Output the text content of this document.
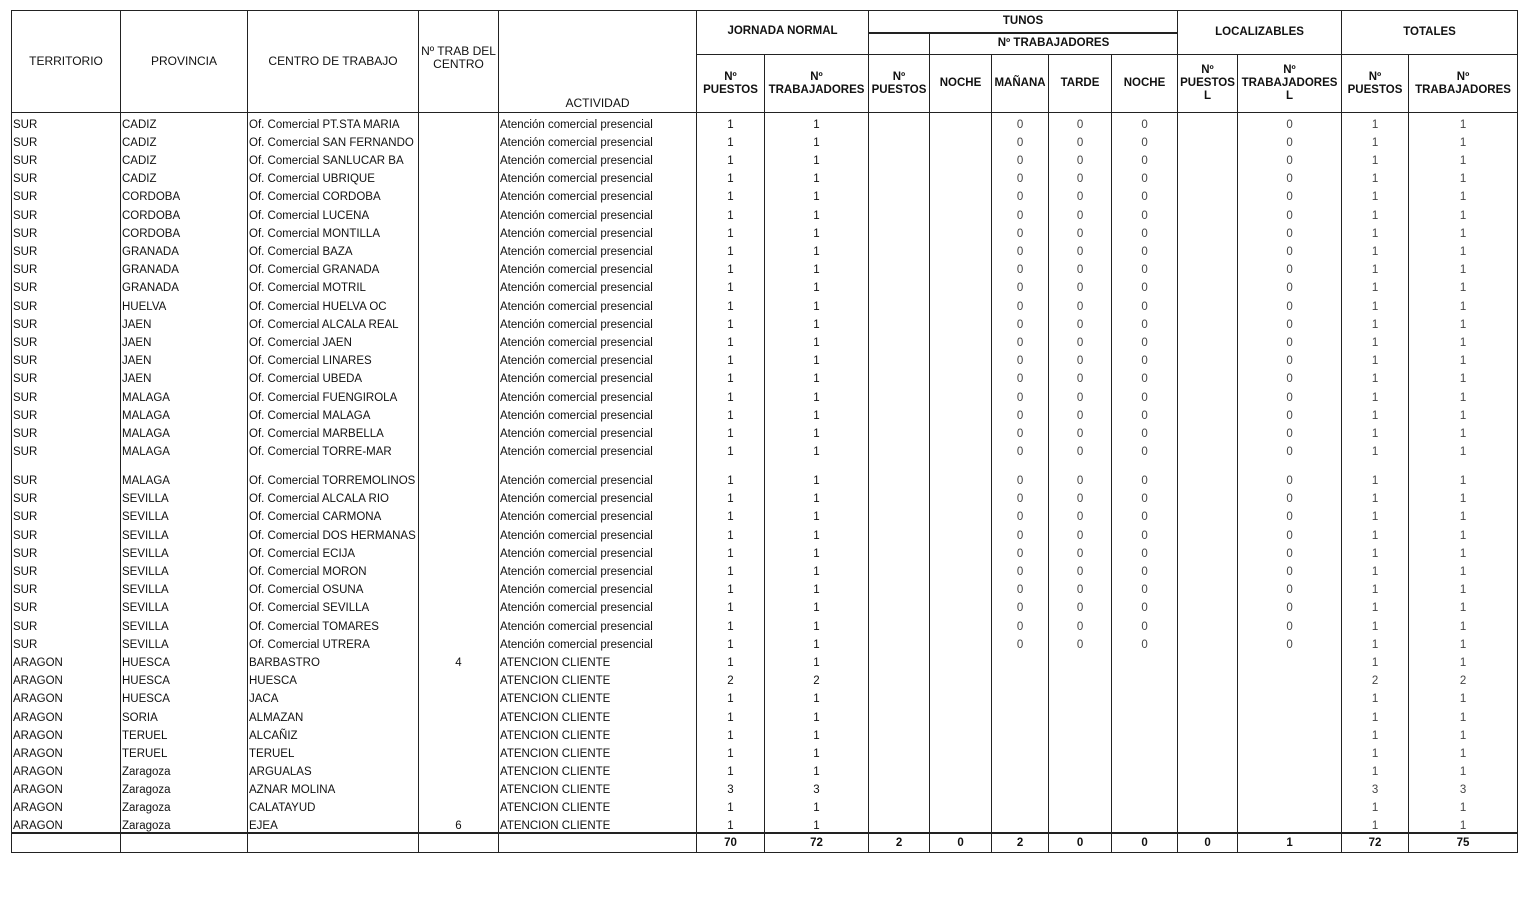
TERRITORIO	PROVINCIA	CENTRO DE TRABAJO	Nº TRAB DEL CENTRO	ACTIVIDAD	JORNADA NORMAL		TUNOS					LOCALIZABLES		TOTALES	
								Nº TRABAJADORES							
					Nº PUESTOS	Nº TRABAJADORES	Nº PUESTOS	NOCHE	MAÑANA	TARDE	NOCHE	Nº PUESTOS L	Nº TRABAJADORES L	Nº PUESTOS	Nº TRABAJADORES
SUR	CADIZ	Of. Comercial PT.STA MARIA		Atención comercial presencial	1	1			0	0	0		0	1	1
SUR	CADIZ	Of. Comercial SAN FERNANDO		Atención comercial presencial	1	1			0	0	0		0	1	1
SUR	CADIZ	Of. Comercial SANLUCAR BA		Atención comercial presencial	1	1			0	0	0		0	1	1
SUR	CADIZ	Of. Comercial UBRIQUE		Atención comercial presencial	1	1			0	0	0		0	1	1
SUR	CORDOBA	Of. Comercial CORDOBA		Atención comercial presencial	1	1			0	0	0		0	1	1
SUR	CORDOBA	Of. Comercial LUCENA		Atención comercial presencial	1	1			0	0	0		0	1	1
SUR	CORDOBA	Of. Comercial MONTILLA		Atención comercial presencial	1	1			0	0	0		0	1	1
SUR	GRANADA	Of. Comercial BAZA		Atención comercial presencial	1	1			0	0	0		0	1	1
SUR	GRANADA	Of. Comercial GRANADA		Atención comercial presencial	1	1			0	0	0		0	1	1
SUR	GRANADA	Of. Comercial MOTRIL		Atención comercial presencial	1	1			0	0	0		0	1	1
SUR	HUELVA	Of. Comercial HUELVA OC		Atención comercial presencial	1	1			0	0	0		0	1	1
SUR	JAEN	Of. Comercial ALCALA REAL		Atención comercial presencial	1	1			0	0	0		0	1	1
SUR	JAEN	Of. Comercial JAEN		Atención comercial presencial	1	1			0	0	0		0	1	1
SUR	JAEN	Of. Comercial LINARES		Atención comercial presencial	1	1			0	0	0		0	1	1
SUR	JAEN	Of. Comercial UBEDA		Atención comercial presencial	1	1			0	0	0		0	1	1
SUR	MALAGA	Of. Comercial FUENGIROLA		Atención comercial presencial	1	1			0	0	0		0	1	1
SUR	MALAGA	Of. Comercial MALAGA		Atención comercial presencial	1	1			0	0	0		0	1	1
SUR	MALAGA	Of. Comercial MARBELLA		Atención comercial presencial	1	1			0	0	0		0	1	1
SUR	MALAGA	Of. Comercial TORRE-MAR		Atención comercial presencial	1	1			0	0	0		0	1	1
SUR	MALAGA	Of. Comercial TORREMOLINOS		Atención comercial presencial	1	1			0	0	0		0	1	1
SUR	SEVILLA	Of. Comercial ALCALA RIO		Atención comercial presencial	1	1			0	0	0		0	1	1
SUR	SEVILLA	Of. Comercial CARMONA		Atención comercial presencial	1	1			0	0	0		0	1	1
SUR	SEVILLA	Of. Comercial DOS HERMANAS		Atención comercial presencial	1	1			0	0	0		0	1	1
SUR	SEVILLA	Of. Comercial ECIJA		Atención comercial presencial	1	1			0	0	0		0	1	1
SUR	SEVILLA	Of. Comercial MORON		Atención comercial presencial	1	1			0	0	0		0	1	1
SUR	SEVILLA	Of. Comercial OSUNA		Atención comercial presencial	1	1			0	0	0		0	1	1
SUR	SEVILLA	Of. Comercial SEVILLA		Atención comercial presencial	1	1			0	0	0		0	1	1
SUR	SEVILLA	Of. Comercial TOMARES		Atención comercial presencial	1	1			0	0	0		0	1	1
SUR	SEVILLA	Of. Comercial UTRERA		Atención comercial presencial	1	1			0	0	0		0	1	1
ARAGON	HUESCA	BARBASTRO	4	ATENCION CLIENTE	1	1								1	1
ARAGON	HUESCA	HUESCA		ATENCION CLIENTE	2	2								2	2
ARAGON	HUESCA	JACA		ATENCION CLIENTE	1	1								1	1
ARAGON	SORIA	ALMAZAN		ATENCION CLIENTE	1	1								1	1
ARAGON	TERUEL	ALCAÑIZ		ATENCION CLIENTE	1	1								1	1
ARAGON	TERUEL	TERUEL		ATENCION CLIENTE	1	1								1	1
ARAGON	Zaragoza	ARGUALAS		ATENCION CLIENTE	1	1								1	1
ARAGON	Zaragoza	AZNAR MOLINA		ATENCION CLIENTE	3	3								3	3
ARAGON	Zaragoza	CALATAYUD		ATENCION CLIENTE	1	1								1	1
ARAGON	Zaragoza	EJEA	6	ATENCION CLIENTE	1	1								1	1
					70	72	2	0	2	0	0	0	1	72	75
